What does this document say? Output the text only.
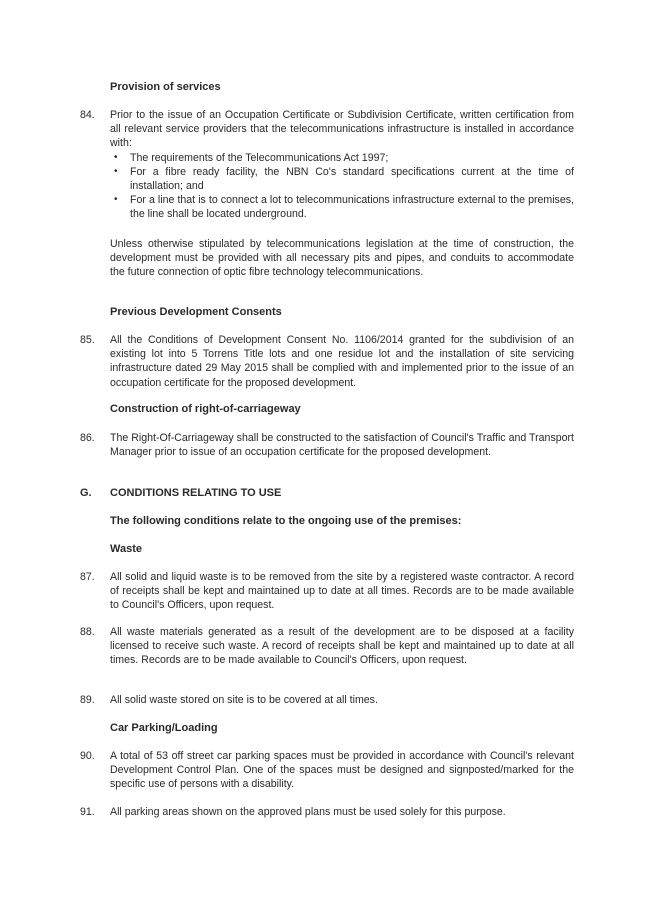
Provision of services
84.	Prior to the issue of an Occupation Certificate or Subdivision Certificate, written certification from all relevant service providers that the telecommunications infrastructure is installed in accordance with:
• The requirements of the Telecommunications Act 1997;
• For a fibre ready facility, the NBN Co's standard specifications current at the time of installation; and
• For a line that is to connect a lot to telecommunications infrastructure external to the premises, the line shall be located underground.
Unless otherwise stipulated by telecommunications legislation at the time of construction, the development must be provided with all necessary pits and pipes, and conduits to accommodate the future connection of optic fibre technology telecommunications.
Previous Development Consents
85.	All the Conditions of Development Consent No. 1106/2014 granted for the subdivision of an existing lot into 5 Torrens Title lots and one residue lot and the installation of site servicing infrastructure dated 29 May 2015 shall be complied with and implemented prior to the issue of an occupation certificate for the proposed development.
Construction of right-of-carriageway
86.	The Right-Of-Carriageway shall be constructed to the satisfaction of Council's Traffic and Transport Manager prior to issue of an occupation certificate for the proposed development.
G. CONDITIONS RELATING TO USE
The following conditions relate to the ongoing use of the premises:
Waste
87.	All solid and liquid waste is to be removed from the site by a registered waste contractor. A record of receipts shall be kept and maintained up to date at all times. Records are to be made available to Council's Officers, upon request.
88.	All waste materials generated as a result of the development are to be disposed at a facility licensed to receive such waste. A record of receipts shall be kept and maintained up to date at all times. Records are to be made available to Council's Officers, upon request.
89.	All solid waste stored on site is to be covered at all times.
Car Parking/Loading
90.	A total of 53 off street car parking spaces must be provided in accordance with Council's relevant Development Control Plan. One of the spaces must be designed and signposted/marked for the specific use of persons with a disability.
91.	All parking areas shown on the approved plans must be used solely for this purpose.
